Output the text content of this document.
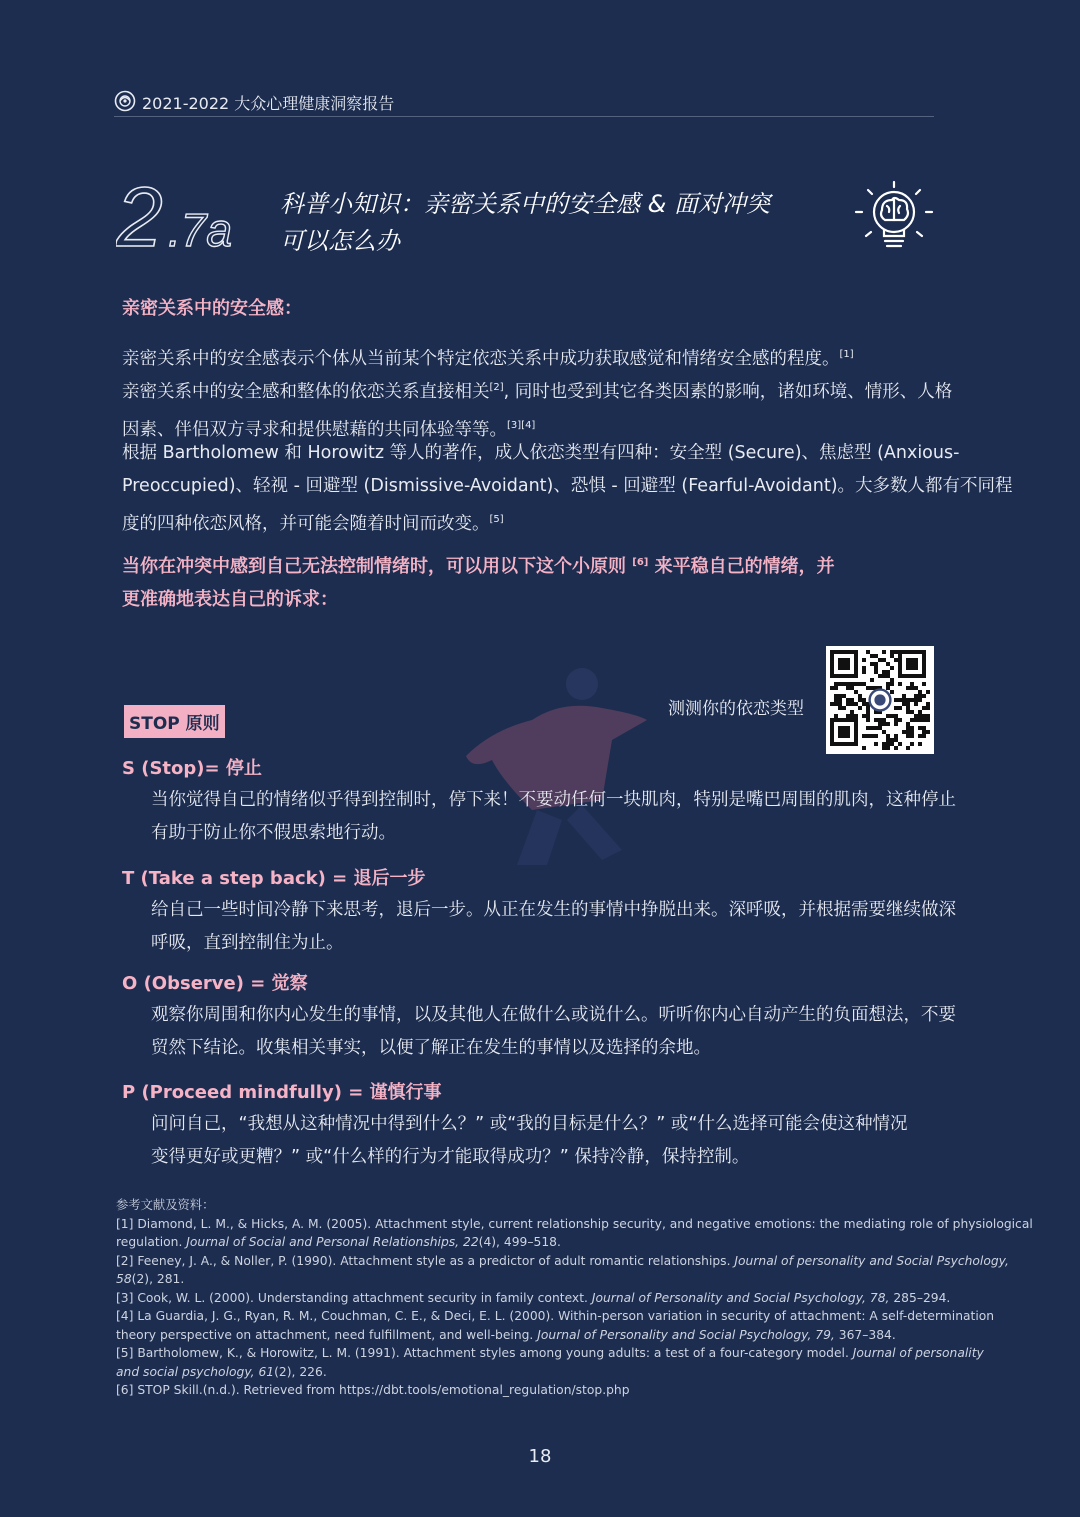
2021-2022 大众心理健康洞察报告
2 .7a 科普小知识：亲密关系中的安全感 & 面对冲突
可以怎么办
亲密关系中的安全感：
亲密关系中的安全感表示个体从当前某个特定依恋关系中成功获取感觉和情绪安全感的程度。[1]
亲密关系中的安全感和整体的依恋关系直接相关[2], 同时也受到其它各类因素的影响，诸如环境、情形、人格
因素、伴侣双方寻求和提供慰藉的共同体验等等。[3][4]
根据 Bartholomew 和 Horowitz 等人的著作，成人依恋类型有四种：安全型 (Secure)、焦虑型 (Anxious-
Preoccupied)、轻视 - 回避型 (Dismissive-Avoidant)、恐惧 - 回避型 (Fearful-Avoidant)。大多数人都有不同程
度的四种依恋风格，并可能会随着时间而改变。[5]
当你在冲突中感到自己无法控制情绪时，可以用以下这个小原则 [6] 来平稳自己的情绪，并
更准确地表达自己的诉求：
测测你的依恋类型
STOP 原则
S (Stop)= 停止
当你觉得自己的情绪似乎得到控制时，停下来！不要动任何一块肌肉，特别是嘴巴周围的肌肉，这种停止
有助于防止你不假思索地行动。
T (Take a step back) = 退后一步
给自己一些时间冷静下来思考，退后一步。从正在发生的事情中挣脱出来。深呼吸，并根据需要继续做深
呼吸，直到控制住为止。
O (Observe) = 觉察
观察你周围和你内心发生的事情，以及其他人在做什么或说什么。听听你内心自动产生的负面想法，不要
贸然下结论。收集相关事实，以便了解正在发生的事情以及选择的余地。
P (Proceed mindfully) = 谨慎行事
问问自己，“我想从这种情况中得到什么？” 或“我的目标是什么？” 或“什么选择可能会使这种情况
变得更好或更糟？” 或“什么样的行为才能取得成功？” 保持冷静，保持控制。
参考文献及资料：
[1] Diamond, L. M., & Hicks, A. M. (2005). Attachment style, current relationship security, and negative emotions: the mediating role of physiological
regulation. Journal of Social and Personal Relationships, 22(4), 499–518.
[2] Feeney, J. A., & Noller, P. (1990). Attachment style as a predictor of adult romantic relationships. Journal of personality and Social Psychology,
58(2), 281.
[3] Cook, W. L. (2000). Understanding attachment security in family context. Journal of Personality and Social Psychology, 78, 285–294.
[4] La Guardia, J. G., Ryan, R. M., Couchman, C. E., & Deci, E. L. (2000). Within-person variation in security of attachment: A self-determination
theory perspective on attachment, need fulfillment, and well-being. Journal of Personality and Social Psychology, 79, 367–384.
[5] Bartholomew, K., & Horowitz, L. M. (1991). Attachment styles among young adults: a test of a four-category model. Journal of personality
and social psychology, 61(2), 226.
[6] STOP Skill.(n.d.). Retrieved from https://dbt.tools/emotional_regulation/stop.php
18
